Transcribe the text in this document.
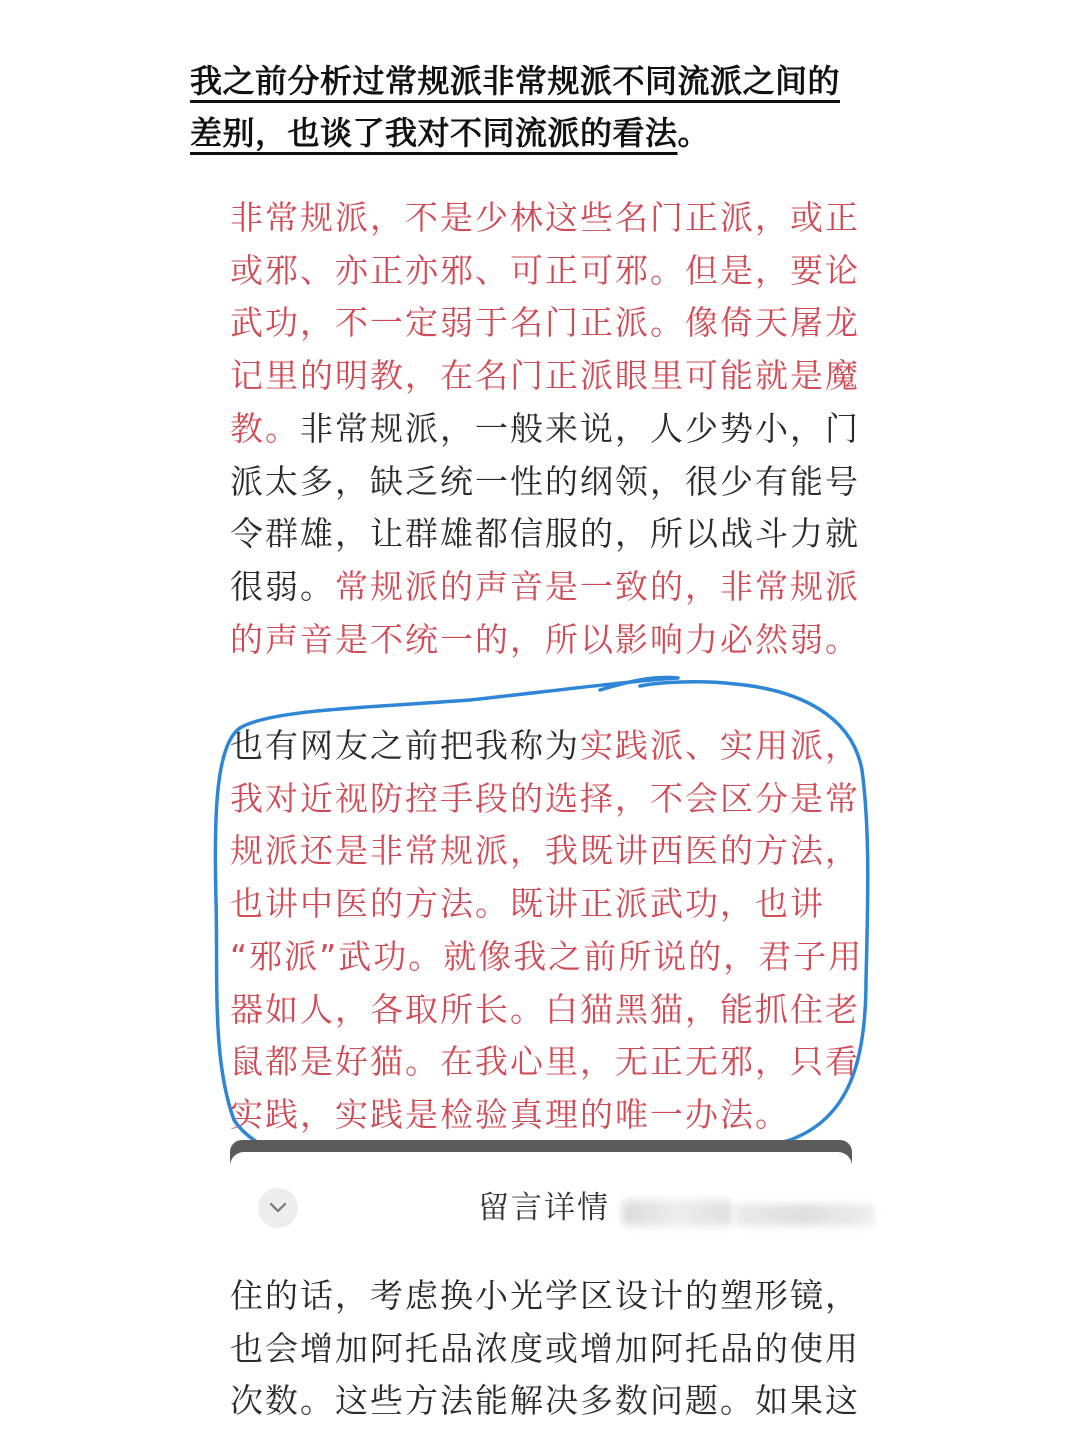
我之前分析过常规派非常规派不同流派之间的
差别，也谈了我对不同流派的看法。
非常规派，不是少林这些名门正派，或正
或邪、亦正亦邪、可正可邪。但是，要论
武功，不一定弱于名门正派。像倚天屠龙
记里的明教，在名门正派眼里可能就是魔
教。非常规派，一般来说，人少势小，门
派太多，缺乏统一性的纲领，很少有能号
令群雄，让群雄都信服的，所以战斗力就
很弱。常规派的声音是一致的，非常规派
的声音是不统一的，所以影响力必然弱。
也有网友之前把我称为实践派、实用派，
我对近视防控手段的选择，不会区分是常
规派还是非常规派，我既讲西医的方法，
也讲中医的方法。既讲正派武功，也讲
“邪派”武功。就像我之前所说的，君子用
器如人，各取所长。白猫黑猫，能抓住老
鼠都是好猫。在我心里，无正无邪，只看
实践，实践是检验真理的唯一办法。
留言详情
住的话，考虑换小光学区设计的塑形镜，
也会增加阿托品浓度或增加阿托品的使用
次数。这些方法能解决多数问题。如果这
